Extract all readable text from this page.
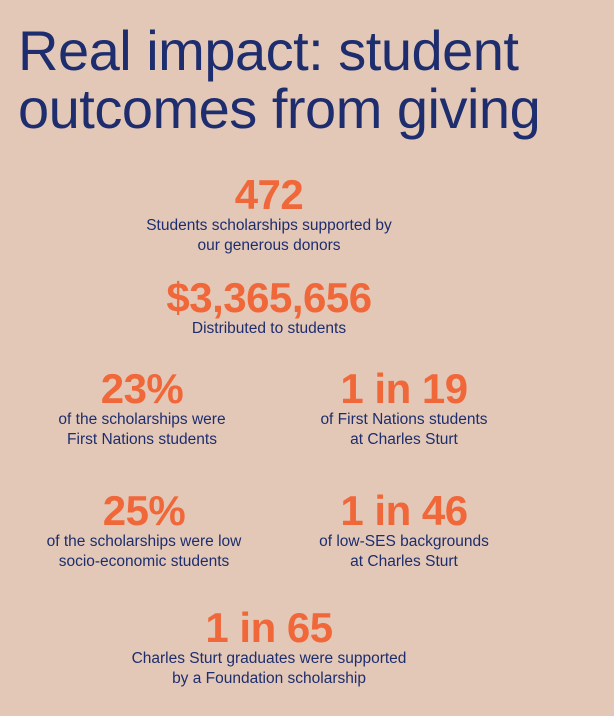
Real impact: student
outcomes from giving
472
Students scholarships supported by
our generous donors
$3,365,656
Distributed to students
23%
of the scholarships were
First Nations students
1 in 19
of First Nations students
at Charles Sturt
25%
of the scholarships were low
socio-economic students
1 in 46
of low-SES backgrounds
at Charles Sturt
1 in 65
Charles Sturt graduates were supported
by a Foundation scholarship
